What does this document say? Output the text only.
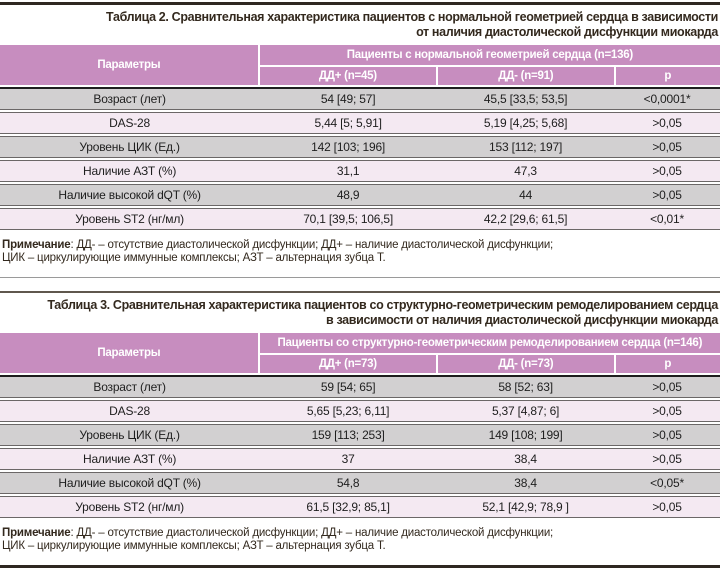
Таблица 2. Сравнительная характеристика пациентов с нормальной геометрией сердца в зависимости
от наличия диастолической дисфункции миокарда
Параметры
Пациенты с нормальной геометрией сердца (n=136)
ДД+ (n=45)	ДД- (n=91)	р
Возраст (лет)	54 [49; 57]	45,5 [33,5; 53,5]	<0,0001*
DAS-28	5,44 [5; 5,91]	5,19 [4,25; 5,68]	>0,05
Уровень ЦИК (Ед.)	142 [103; 196]	153 [112; 197]	>0,05
Наличие АЗТ (%)	31,1	47,3	>0,05
Наличие высокой dQT (%)	48,9	44	>0,05
Уровень ST2 (нг/мл)	70,1 [39,5; 106,5]	42,2 [29,6; 61,5]	<0,01*
Примечание: ДД- – отсутствие диастолической дисфункции; ДД+ – наличие диастолической дисфункции;
ЦИК – циркулирующие иммунные комплексы; АЗТ – альтернация зубца Т.
Таблица 3. Сравнительная характеристика пациентов со структурно-геометрическим ремоделированием сердца
в зависимости от наличия диастолической дисфункции миокарда
Параметры
Пациенты со структурно-геометрическим ремоделированием сердца (n=146)
ДД+ (n=73)	ДД- (n=73)	р
Возраст (лет)	59 [54; 65]	58 [52; 63]	>0,05
DAS-28	5,65 [5,23; 6,11]	5,37 [4,87; 6]	>0,05
Уровень ЦИК (Ед.)	159 [113; 253]	149 [108; 199]	>0,05
Наличие АЗТ (%)	37	38,4	>0,05
Наличие высокой dQT (%)	54,8	38,4	<0,05*
Уровень ST2 (нг/мл)	61,5 [32,9; 85,1]	52,1 [42,9; 78,9 ]	>0,05
Примечание: ДД- – отсутствие диастолической дисфункции; ДД+ – наличие диастолической дисфункции;
ЦИК – циркулирующие иммунные комплексы; АЗТ – альтернация зубца Т.
